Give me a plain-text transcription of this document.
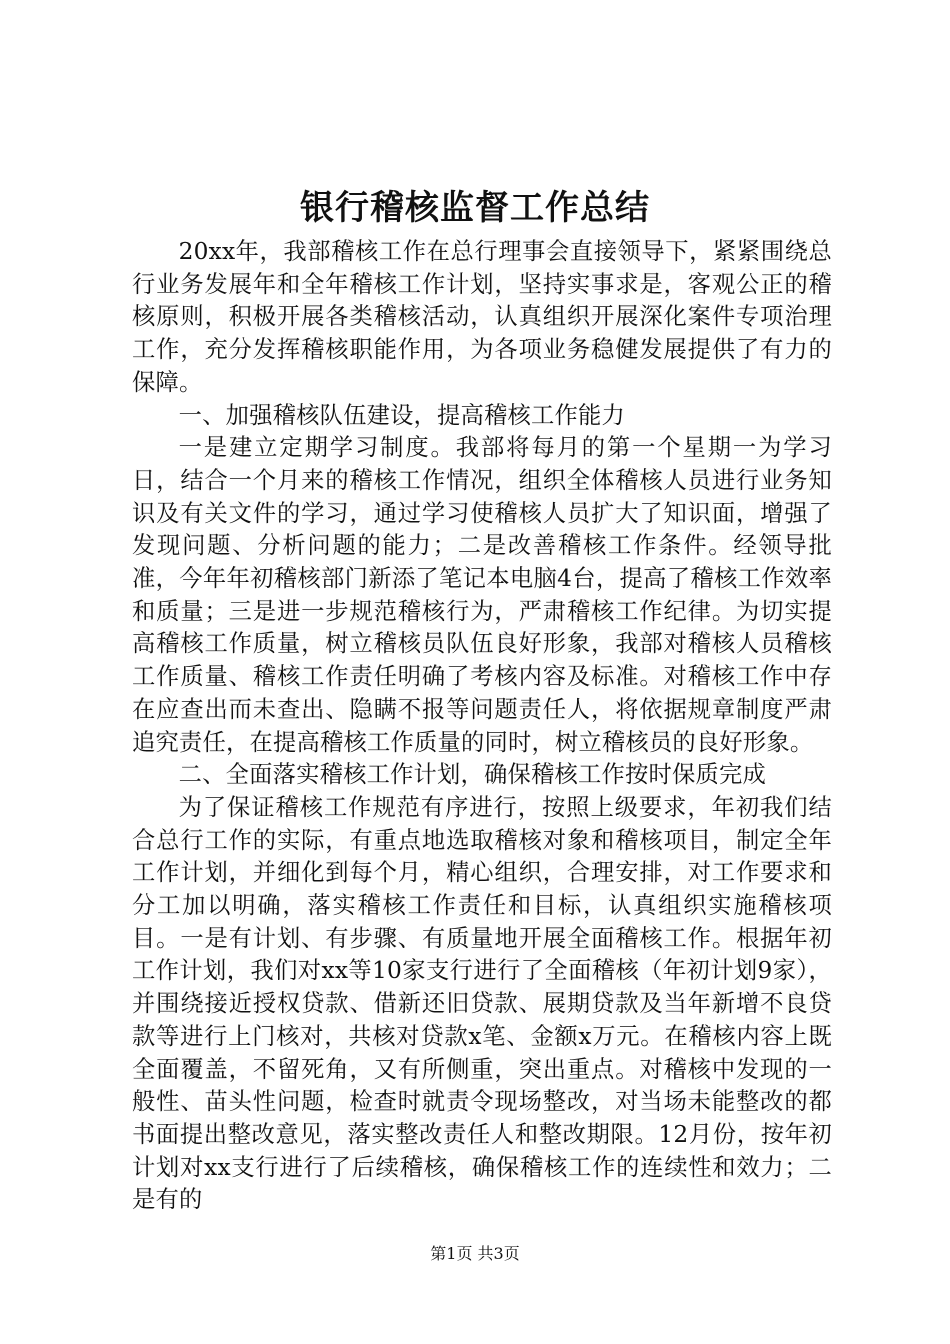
银行稽核监督工作总结

20xx年，我部稽核工作在总行理事会直接领导下，紧紧围绕总行业务发展年和全年稽核工作计划，坚持实事求是，客观公正的稽核原则，积极开展各类稽核活动，认真组织开展深化案件专项治理工作，充分发挥稽核职能作用，为各项业务稳健发展提供了有力的保障。

一、加强稽核队伍建设，提高稽核工作能力

一是建立定期学习制度。我部将每月的第一个星期一为学习日，结合一个月来的稽核工作情况，组织全体稽核人员进行业务知识及有关文件的学习，通过学习使稽核人员扩大了知识面，增强了发现问题、分析问题的能力；二是改善稽核工作条件。经领导批准，今年年初稽核部门新添了笔记本电脑4台，提高了稽核工作效率和质量；三是进一步规范稽核行为，严肃稽核工作纪律。为切实提高稽核工作质量，树立稽核员队伍良好形象，我部对稽核人员稽核工作质量、稽核工作责任明确了考核内容及标准。对稽核工作中存在应查出而未查出、隐瞒不报等问题责任人，将依据规章制度严肃追究责任，在提高稽核工作质量的同时，树立稽核员的良好形象。

二、全面落实稽核工作计划，确保稽核工作按时保质完成

为了保证稽核工作规范有序进行，按照上级要求，年初我们结合总行工作的实际，有重点地选取稽核对象和稽核项目，制定全年工作计划，并细化到每个月，精心组织，合理安排，对工作要求和分工加以明确，落实稽核工作责任和目标，认真组织实施稽核项目。一是有计划、有步骤、有质量地开展全面稽核工作。根据年初工作计划，我们对xx等10家支行进行了全面稽核（年初计划9家），并围绕接近授权贷款、借新还旧贷款、展期贷款及当年新增不良贷款等进行上门核对，共核对贷款x笔、金额x万元。在稽核内容上既全面覆盖，不留死角，又有所侧重，突出重点。对稽核中发现的一般性、苗头性问题，检查时就责令现场整改，对当场未能整改的都书面提出整改意见，落实整改责任人和整改期限。12月份，按年初计划对xx支行进行了后续稽核，确保稽核工作的连续性和效力；二是有的

第1页 共3页
